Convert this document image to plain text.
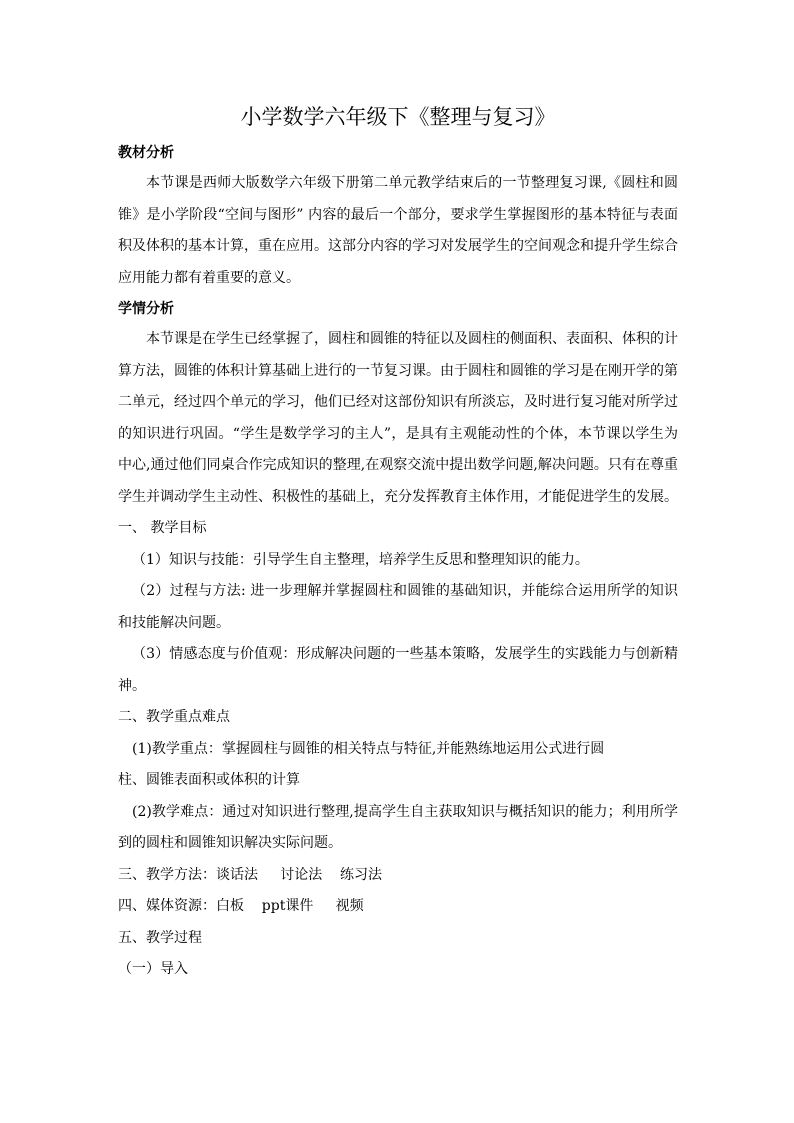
小学数学六年级下《整理与复习》

教材分析

本节课是西师大版数学六年级下册第二单元教学结束后的一节整理复习课,《圆柱和圆锥》是小学阶段“空间与图形” 内容的最后一个部分，要求学生掌握图形的基本特征与表面积及体积的基本计算，重在应用。这部分内容的学习对发展学生的空间观念和提升学生综合应用能力都有着重要的意义。

学情分析

本节课是在学生已经掌握了，圆柱和圆锥的特征以及圆柱的侧面积、表面积、体积的计算方法，圆锥的体积计算基础上进行的一节复习课。由于圆柱和圆锥的学习是在刚开学的第二单元，经过四个单元的学习，他们已经对这部份知识有所淡忘，及时进行复习能对所学过的知识进行巩固。“学生是数学学习的主人”，是具有主观能动性的个体，本节课以学生为中心,通过他们同桌合作完成知识的整理,在观察交流中提出数学问题,解决问题。只有在尊重学生并调动学生主动性、积极性的基础上，充分发挥教育主体作用，才能促进学生的发展。

一、 教学目标

（1）知识与技能：引导学生自主整理，培养学生反思和整理知识的能力。

（2）过程与方法: 进一步理解并掌握圆柱和圆锥的基础知识，并能综合运用所学的知识和技能解决问题。

（3）情感态度与价值观：形成解决问题的一些基本策略，发展学生的实践能力与创新精神。

二、教学重点难点

(1)教学重点：掌握圆柱与圆锥的相关特点与特征,并能熟练地运用公式进行圆

柱、圆锥表面积或体积的计算

(2)教学难点：通过对知识进行整理,提高学生自主获取知识与概括知识的能力；利用所学到的圆柱和圆锥知识解决实际问题。

三、教学方法：谈话法     讨论法    练习法

四、媒体资源：白板    ppt课件     视频

五、教学过程

（一）导入
